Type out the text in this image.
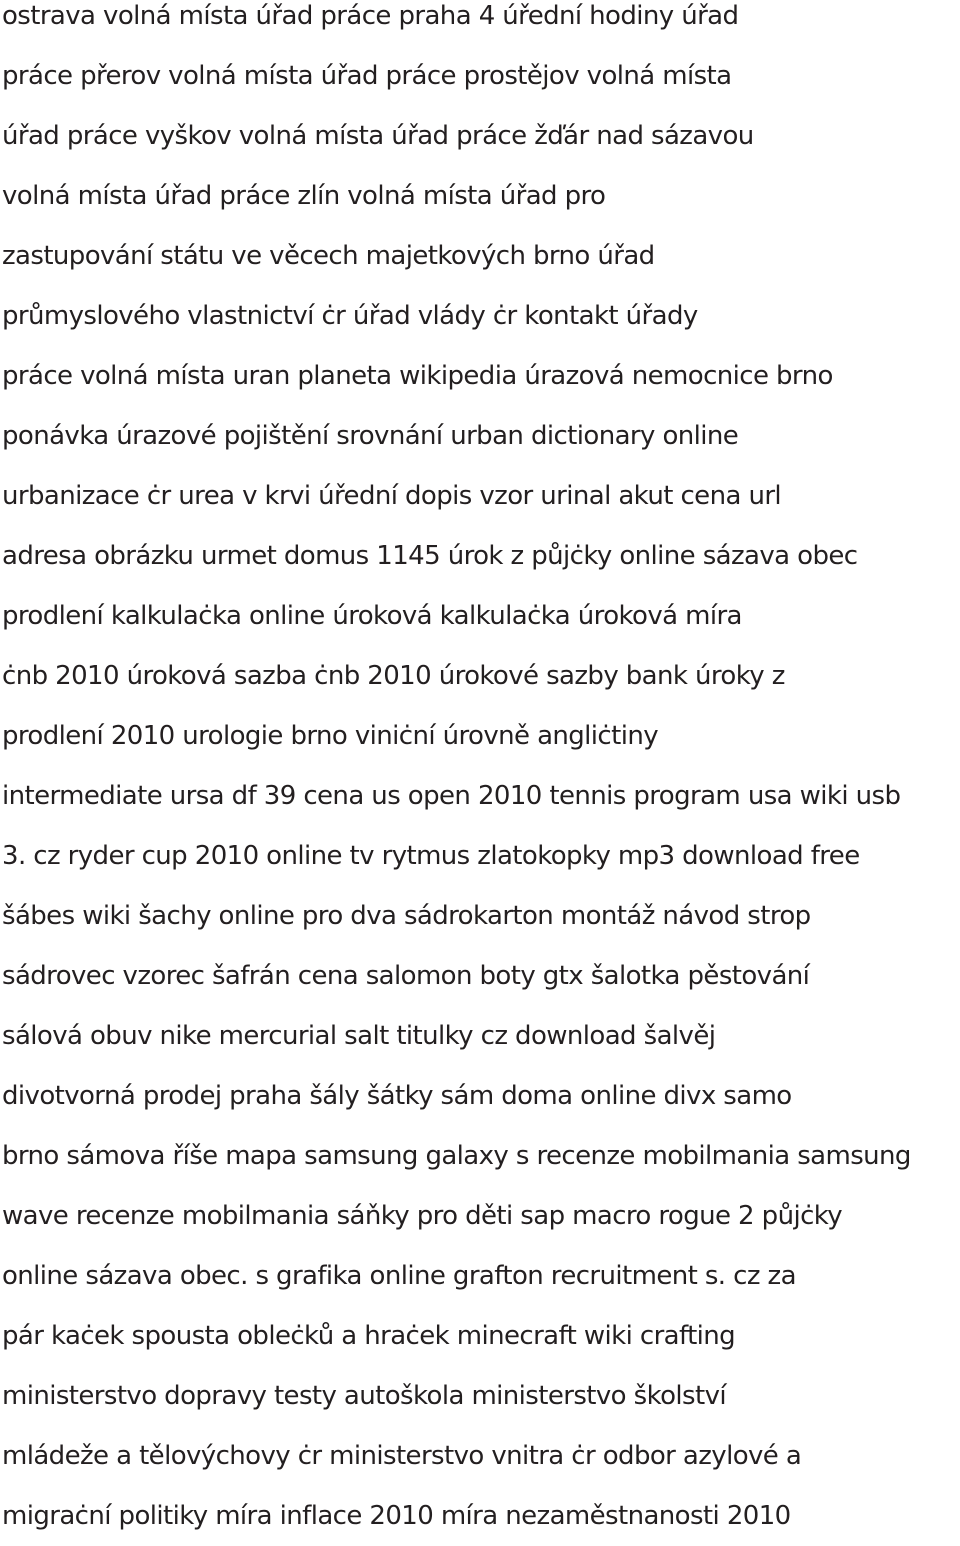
ostrava volná místa úřad práce praha 4 úřední hodiny úřad
práce přerov volná místa úřad práce prostějov volná místa
úřad práce vyškov volná místa úřad práce žďár nad sázavou
volná místa úřad práce zlín volná místa úřad pro
zastupování státu ve věcech majetkových brno úřad
průmyslového vlastnictví ċr úřad vlády ċr kontakt úřady
práce volná místa uran planeta wikipedia úrazová nemocnice brno
ponávka úrazové pojištění srovnání urban dictionary online
urbanizace ċr urea v krvi úřední dopis vzor urinal akut cena url
adresa obrázku urmet domus 1145 úrok z půjċky online sázava obec
prodlení kalkulaċka online úroková kalkulaċka úroková míra
ċnb 2010 úroková sazba ċnb 2010 úrokové sazby bank úroky z
prodlení 2010 urologie brno viniċní úrovně angliċtiny
intermediate ursa df 39 cena us open 2010 tennis program usa wiki usb
3. cz ryder cup 2010 online tv rytmus zlatokopky mp3 download free
šábes wiki šachy online pro dva sádrokarton montáž návod strop
sádrovec vzorec šafrán cena salomon boty gtx šalotka pěstování
sálová obuv nike mercurial salt titulky cz download šalvěj
divotvorná prodej praha šály šátky sám doma online divx samo
brno sámova říše mapa samsung galaxy s recenze mobilmania samsung
wave recenze mobilmania sáňky pro děti sap macro rogue 2 půjċky
online sázava obec. s grafika online grafton recruitment s. cz za
pár kaċek spousta obleċků a hraċek minecraft wiki crafting
ministerstvo dopravy testy autoškola ministerstvo školství
mládeže a tělovýchovy ċr ministerstvo vnitra ċr odbor azylové a
migraċní politiky míra inflace 2010 míra nezaměstnanosti 2010
